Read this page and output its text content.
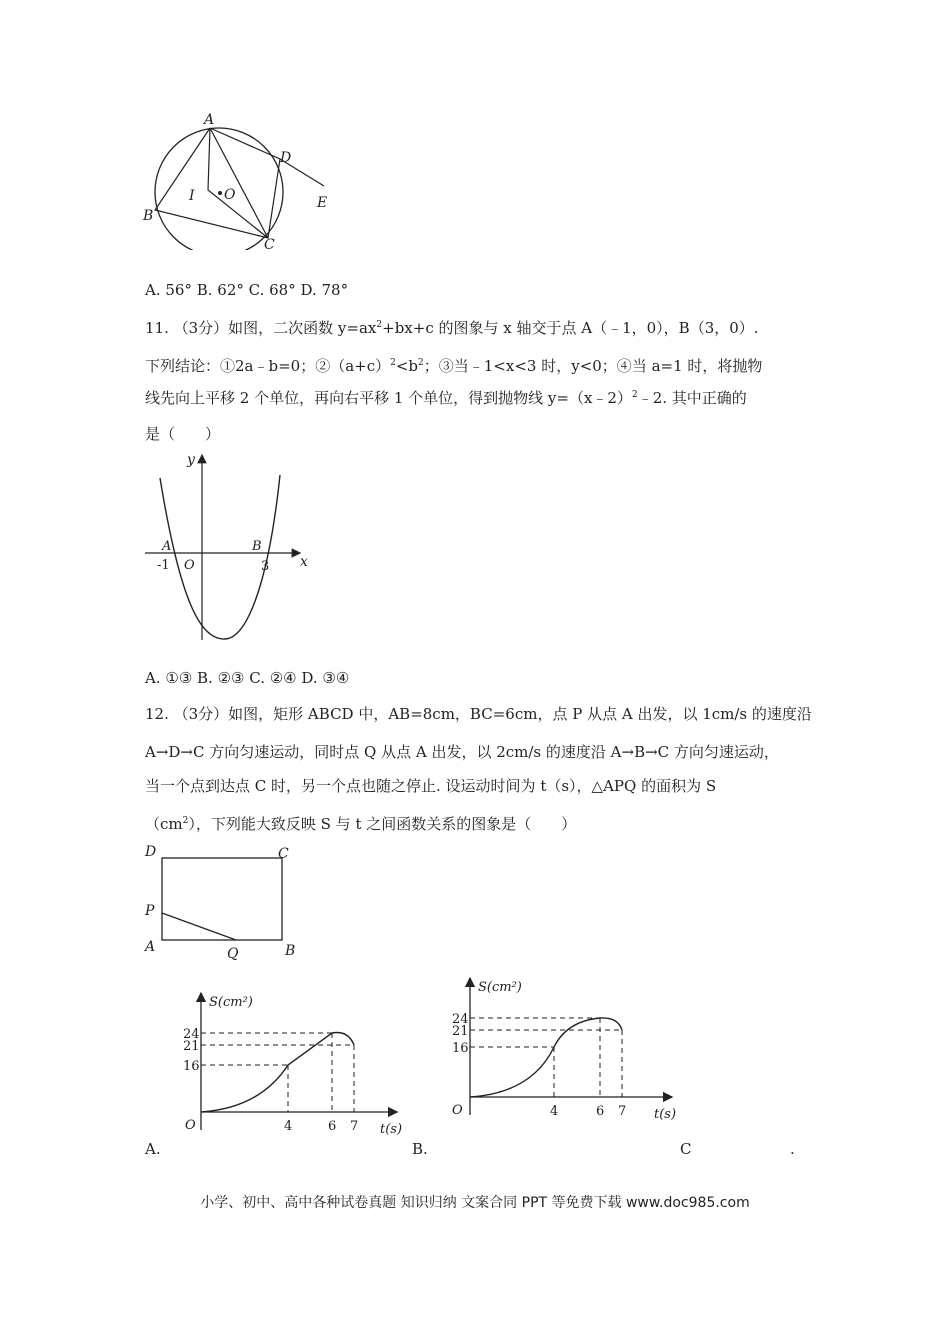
A
B
C
D
E
I O
A. 56° B. 62° C. 68° D. 78°
11. （3分）如图，二次函数 $y=ax^2+bx+c$ 的图象与 x 轴交于点 A（﹣1，0），B（3，0）.
下列结论：①2a﹣b=0；$②(a+c)^2<b^2$；③当﹣1<x<3 时，y<0；④当 a=1 时，将抛物
线先向上平移 2 个单位，再向右平移 1 个单位，得到抛物线 y=（x﹣2）$^2$﹣2. 其中正确的
是（　　）
y
x
A	B
O
-1	3
A. ①③ B. ②③ C. ②④ D. ③④
12. （3分）如图，矩形 ABCD 中，AB=8cm，BC=6cm，点 P 从点 A 出发，以 1cm/s 的速度沿
A→D→C 方向匀速运动，同时点 Q 从点 A 出发，以 2cm/s 的速度沿 A→B→C 方向匀速运动，
当一个点到达点 C 时，另一个点也随之停止. 设运动时间为 t（s），△APQ 的面积为 S
$(cm^2)$，下列能大致反映 S 与 t 之间函数关系的图象是（　　）
D	C
P
A	Q	B
S(cm²)
t(s)
O
24
21
16
4	6 7
S(cm²)
t(s)
O
24
21
16
4	6 7
A.	B.	C	.
小学、初中、高中各种试卷真题 知识归纳 文案合同 PPT 等免费下载 www.doc985.com
